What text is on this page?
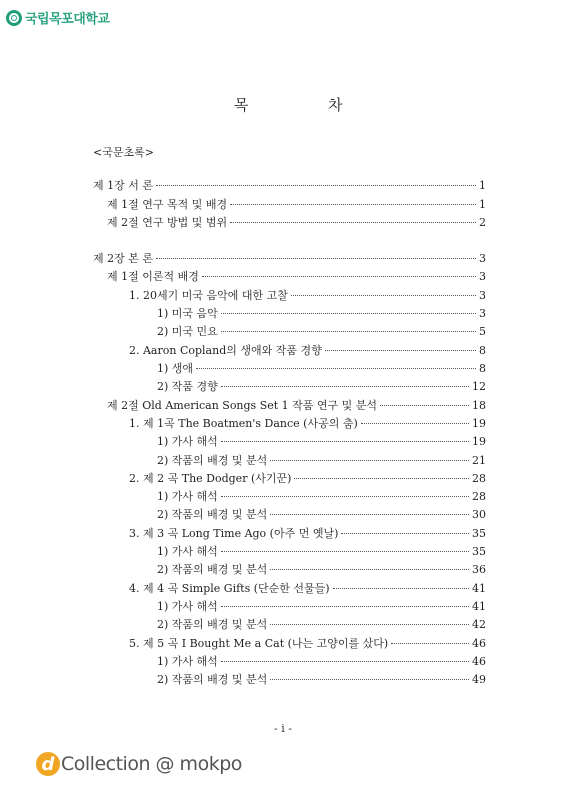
국립목포대학교
목	차
<국문초록>
제 1장 서 론	1
제 1절 연구 목적 및 배경	1
제 2절 연구 방법 및 범위	2
제 2장 본 론	3
제 1절 이론적 배경	3
1. 20세기 미국 음악에 대한 고찰	3
1) 미국 음악	3
2) 미국 민요	5
2. Aaron Copland의 생애와 작품 경향	8
1) 생애	8
2) 작품 경향	12
제 2절 Old American Songs Set 1 작품 연구 및 분석	18
1. 제 1곡 The Boatmen's Dance (사공의 춤)	19
1) 가사 해석	19
2) 작품의 배경 및 분석	21
2. 제 2 곡 The Dodger (사기꾼)	28
1) 가사 해석	28
2) 작품의 배경 및 분석	30
3. 제 3 곡 Long Time Ago (아주 먼 옛날)	35
1) 가사 해석	35
2) 작품의 배경 및 분석	36
4. 제 4 곡 Simple Gifts (단순한 선물들)	41
1) 가사 해석	41
2) 작품의 배경 및 분석	42
5. 제 5 곡 I Bought Me a Cat (나는 고양이를 샀다)	46
1) 가사 해석	46
2) 작품의 배경 및 분석	49
- i -
d Collection @ mokpo
